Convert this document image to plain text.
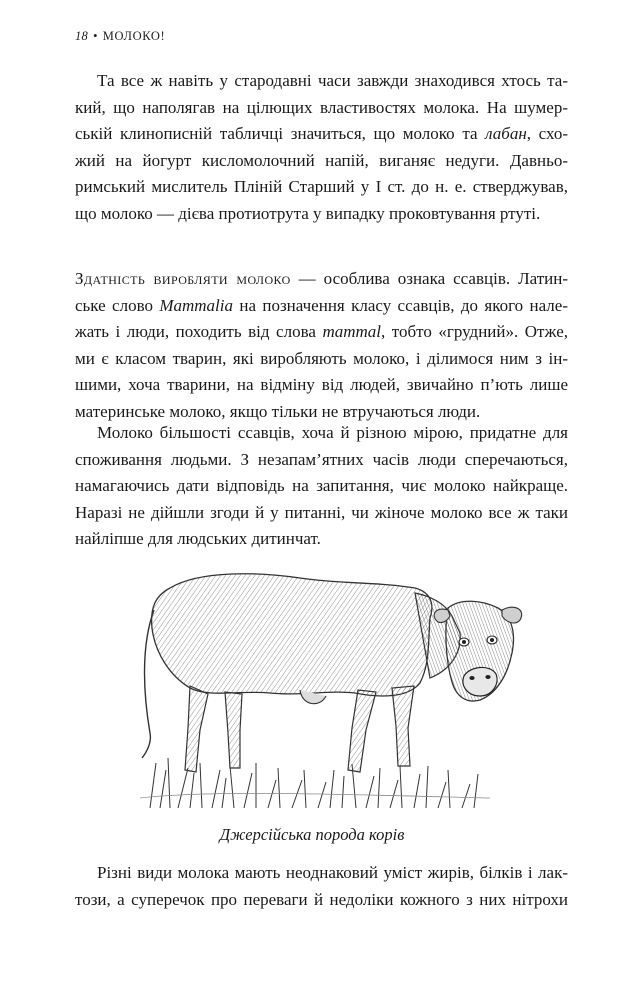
18 • МОЛОКО!

Та все ж навіть у стародавні часи завжди знаходився хтось та-
кий, що наполягав на цілющих властивостях молока. На шумер-
ській клинописній табличці значиться, що молоко та лабан, схо-
жий на йогурт кисломолочний напій, виганяє недуги. Давньо-
римський мислитель Пліній Старший у I ст. до н. е. стверджував,
що молоко — дієва протиотрута у випадку проковтування ртуті.

Здатність виробляти молоко — особлива ознака ссавців. Латин-
ське слово Mammalia на позначення класу ссавців, до якого нале-
жать і люди, походить від слова mammal, тобто «грудний». Отже,
ми є класом тварин, які виробляють молоко, і ділимося ним з ін-
шими, хоча тварини, на відміну від людей, звичайно п’ють лише
материнське молоко, якщо тільки не втручаються люди.

Молоко більшості ссавців, хоча й різною мірою, придатне для
споживання людьми. З незапам’ятних часів люди сперечаються,
намагаючись дати відповідь на запитання, чиє молоко найкраще.
Наразі не дійшли згоди й у питанні, чи жіноче молоко все ж таки
найліпше для людських дитинчат.

Джерсійська порода корів

Різні види молока мають неоднаковий уміст жирів, білків і лак-
този, а суперечок про переваги й недоліки кожного з них нітрохи
